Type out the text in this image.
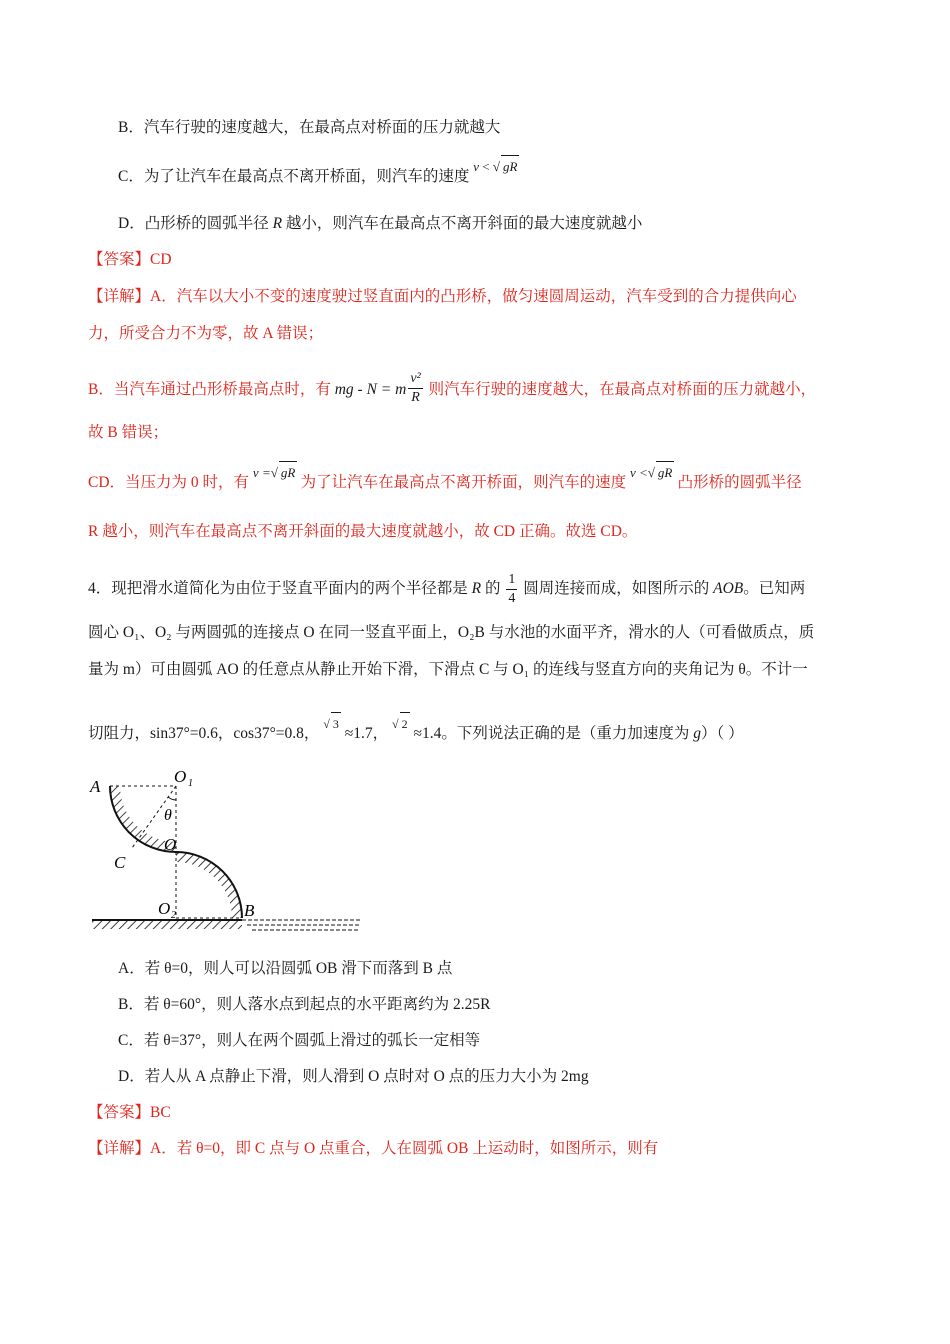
B．汽车行驶的速度越大，在最高点对桥面的压力就越大
C．为了让汽车在最高点不离开桥面，则汽车的速度 $^{v < √ gR}$
D．凸形桥的圆弧半径 R 越小，则汽车在最高点不离开斜面的最大速度就越小
【答案】CD
【详解】A．汽车以大小不变的速度驶过竖直面内的凸形桥，做匀速圆周运动，汽车受到的合力提供向心
力，所受合力不为零，故 A 错误；
B．当汽车通过凸形桥最高点时，有 mg - N = m $\frac{\text{v²}}{R}$ 则汽车行驶的速度越大，在最高点对桥面的压力就越小，
故 B 错误；
CD．当压力为 0 时，有 $^{v =√ gR}$ 为了让汽车在最高点不离开桥面，则汽车的速度 $^{v <√ gR}$ 凸形桥的圆弧半径
R 越小，则汽车在最高点不离开斜面的最大速度就越小，故 CD 正确。故选 CD。
4．现把滑水道简化为由位于竖直平面内的两个半径都是 R 的 $\frac{1}{4}$ 圆周连接而成，如图所示的 AOB。已知两
圆心 O₁、O₂ 与两圆弧的连接点 O 在同一竖直平面上，O₂B 与水池的水面平齐，滑水的人（可看做质点，质
量为 m）可由圆弧 AO 的任意点从静止开始下滑，下滑点 C 与 O₁ 的连线与竖直方向的夹角记为 θ。不计一
切阻力，sin37°=0.6，cos37°=0.8， $^{√ 3}$ ≈1.7， $^{√ 2}$ ≈1.4。下列说法正确的是（重力加速度为 g）（ ）
A
O 1
θ
O
C
O 2	B
A．若 θ=0，则人可以沿圆弧 OB 滑下而落到 B 点
B．若 θ=60°，则人落水点到起点的水平距离约为 2.25R
C．若 θ=37°，则人在两个圆弧上滑过的弧长一定相等
D．若人从 A 点静止下滑，则人滑到 O 点时对 O 点的压力大小为 2mg
【答案】BC
【详解】A．若 θ=0，即 C 点与 O 点重合，人在圆弧 OB 上运动时，如图所示，则有
